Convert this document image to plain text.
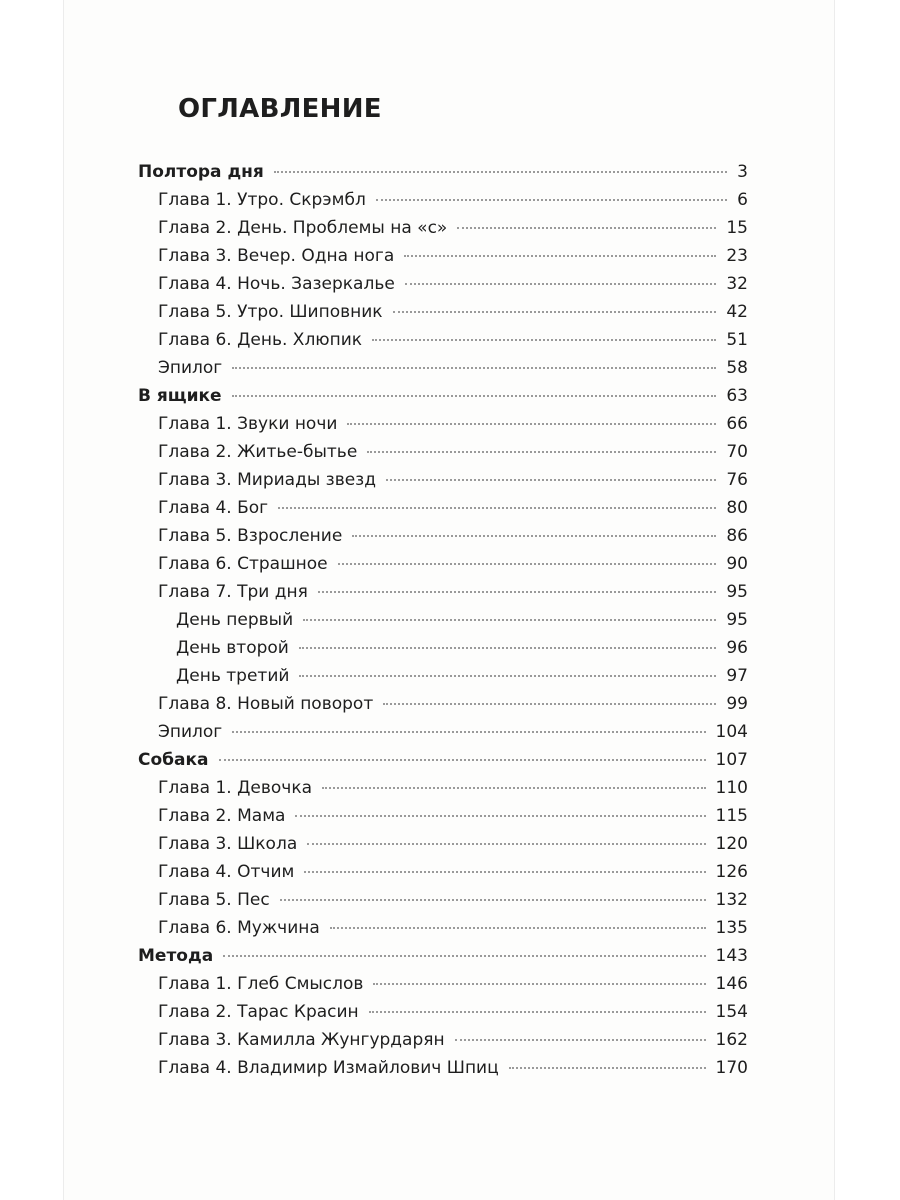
ОГЛАВЛЕНИЕ
Полтора дня	3
Глава 1. Утро. Скрэмбл	6
Глава 2. День. Проблемы на «с»	15
Глава 3. Вечер. Одна нога	23
Глава 4. Ночь. Зазеркалье	32
Глава 5. Утро. Шиповник	42
Глава 6. День. Хлюпик	51
Эпилог	58
В ящике	63
Глава 1. Звуки ночи	66
Глава 2. Житье-бытье	70
Глава 3. Мириады звезд	76
Глава 4. Бог	80
Глава 5. Взросление	86
Глава 6. Страшное	90
Глава 7. Три дня	95
День первый	95
День второй	96
День третий	97
Глава 8. Новый поворот	99
Эпилог	104
Собака	107
Глава 1. Девочка	110
Глава 2. Мама	115
Глава 3. Школа	120
Глава 4. Отчим	126
Глава 5. Пес	132
Глава 6. Мужчина	135
Метода	143
Глава 1. Глеб Смыслов	146
Глава 2. Тарас Красин	154
Глава 3. Камилла Жунгурдарян	162
Глава 4. Владимир Измайлович Шпиц	170
